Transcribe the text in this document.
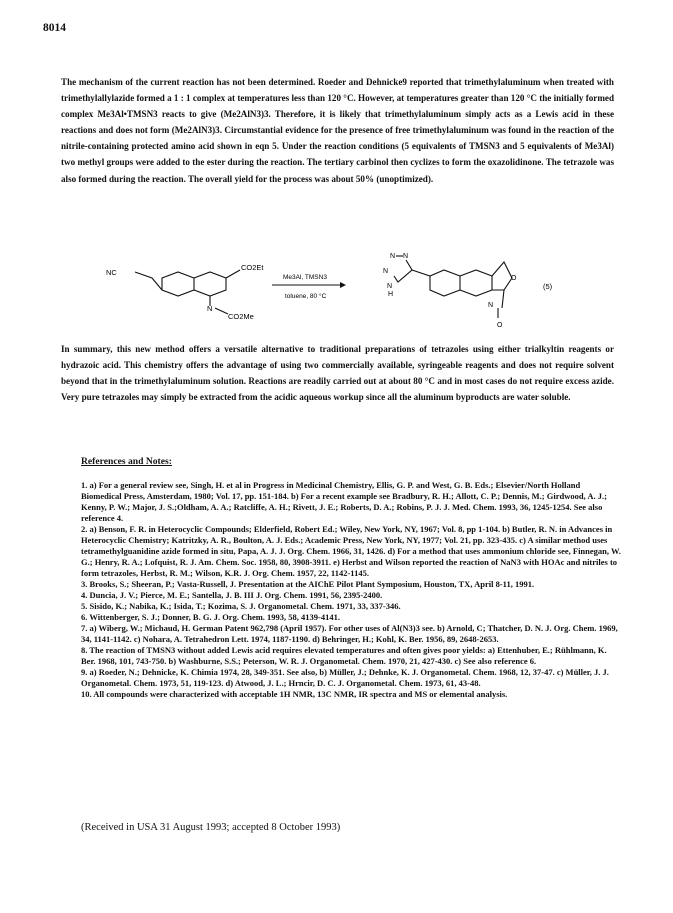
8014

The mechanism of the current reaction has not been determined. Roeder and Dehnicke9 reported that trimethylaluminum when treated with trimethylallylazide formed a 1 : 1 complex at temperatures less than 120 °C. However, at temperatures greater than 120 °C the initially formed complex Me3Al•TMSN3 reacts to give (Me2AlN3)3. Therefore, it is likely that trimethylaluminum simply acts as a Lewis acid in these reactions and does not form (Me2AlN3)3. Circumstantial evidence for the presence of free trimethylaluminum was found in the reaction of the nitrile-containing protected amino acid shown in eqn 5. Under the reaction conditions (5 equivalents of TMSN3 and 5 equivalents of Me3Al) two methyl groups were added to the ester during the reaction. The tertiary carbinol then cyclizes to form the oxazolidinone. The tetrazole was also formed during the reaction. The overall yield for the process was about 50% (unoptimized).

NC
CO2Et
N
CO2Me
Me3Al, TMSN3
toluene, 80 °C
N N
N
N
H
O
N
O
(5)

In summary, this new method offers a versatile alternative to traditional preparations of tetrazoles using either trialkyltin reagents or hydrazoic acid. This chemistry offers the advantage of using two commercially available, syringeable reagents and does not require solvent beyond that in the trimethylaluminum solution. Reactions are readily carried out at about 80 °C and in most cases do not require excess azide. Very pure tetrazoles may simply be extracted from the acidic aqueous workup since all the aluminum byproducts are water soluble.

References and Notes:
1. a) For a general review see, Singh, H. et al in Progress in Medicinal Chemistry, Ellis, G. P. and West, G. B. Eds.; Elsevier/North Holland Biomedical Press, Amsterdam, 1980; Vol. 17, pp. 151-184. b) For a recent example see Bradbury, R. H.; Allott, C. P.; Dennis, M.; Girdwood, A. J.; Kenny, P. W.; Major, J. S.;Oldham, A. A.; Ratcliffe, A. H.; Rivett, J. E.; Roberts, D. A.; Robins, P. J. J. Med. Chem. 1993, 36, 1245-1254. See also reference 4.
2. a) Benson, F. R. in Heterocyclic Compounds; Elderfield, Robert Ed.; Wiley, New York, NY, 1967; Vol. 8, pp 1-104. b) Butler, R. N. in Advances in Heterocyclic Chemistry; Katritzky, A. R., Boulton, A. J. Eds.; Academic Press, New York, NY, 1977; Vol. 21, pp. 323-435. c) A similar method uses tetramethylguanidine azide formed in situ, Papa, A. J. J. Org. Chem. 1966, 31, 1426. d) For a method that uses ammonium chloride see, Finnegan, W. G.; Henry, R. A.; Lofquist, R. J. Am. Chem. Soc. 1958, 80, 3908-3911. e) Herbst and Wilson reported the reaction of NaN3 with HOAc and nitriles to form tetrazoles, Herbst, R. M.; Wilson, K.R. J. Org. Chem. 1957, 22, 1142-1145.
3. Brooks, S.; Sheeran, P.; Vasta-Russell, J. Presentation at the AIChE Pilot Plant Symposium, Houston, TX, April 8-11, 1991.
4. Duncia, J. V.; Pierce, M. E.; Santella, J. B. III J. Org. Chem. 1991, 56, 2395-2400.
5. Sisido, K.; Nabika, K.; Isida, T.; Kozima, S. J. Organometal. Chem. 1971, 33, 337-346.
6. Wittenberger, S. J.; Donner, B. G. J. Org. Chem. 1993, 58, 4139-4141.
7. a) Wiberg, W.; Michaud, H. German Patent 962,798 (April 1957). For other uses of Al(N3)3 see. b) Arnold, C; Thatcher, D. N. J. Org. Chem. 1969, 34, 1141-1142. c) Nohara, A. Tetrahedron Lett. 1974, 1187-1190. d) Behringer, H.; Kohl, K. Ber. 1956, 89, 2648-2653.
8. The reaction of TMSN3 without added Lewis acid requires elevated temperatures and often gives poor yields: a) Ettenhuber, E.; Rühlmann, K. Ber. 1968, 101, 743-750. b) Washburne, S.S.; Peterson, W. R. J. Organometal. Chem. 1970, 21, 427-430. c) See also reference 6.
9. a) Roeder, N.; Dehnicke, K. Chimia 1974, 28, 349-351. See also, b) Müller, J.; Dehnke, K. J. Organometal. Chem. 1968, 12, 37-47. c) Müller, J. J. Organometal. Chem. 1973, 51, 119-123. d) Atwood, J. L.; Hrncir, D. C. J. Organometal. Chem. 1973, 61, 43-48.
10. All compounds were characterized with acceptable 1H NMR, 13C NMR, IR spectra and MS or elemental analysis.
(Received in USA 31 August 1993; accepted 8 October 1993)
